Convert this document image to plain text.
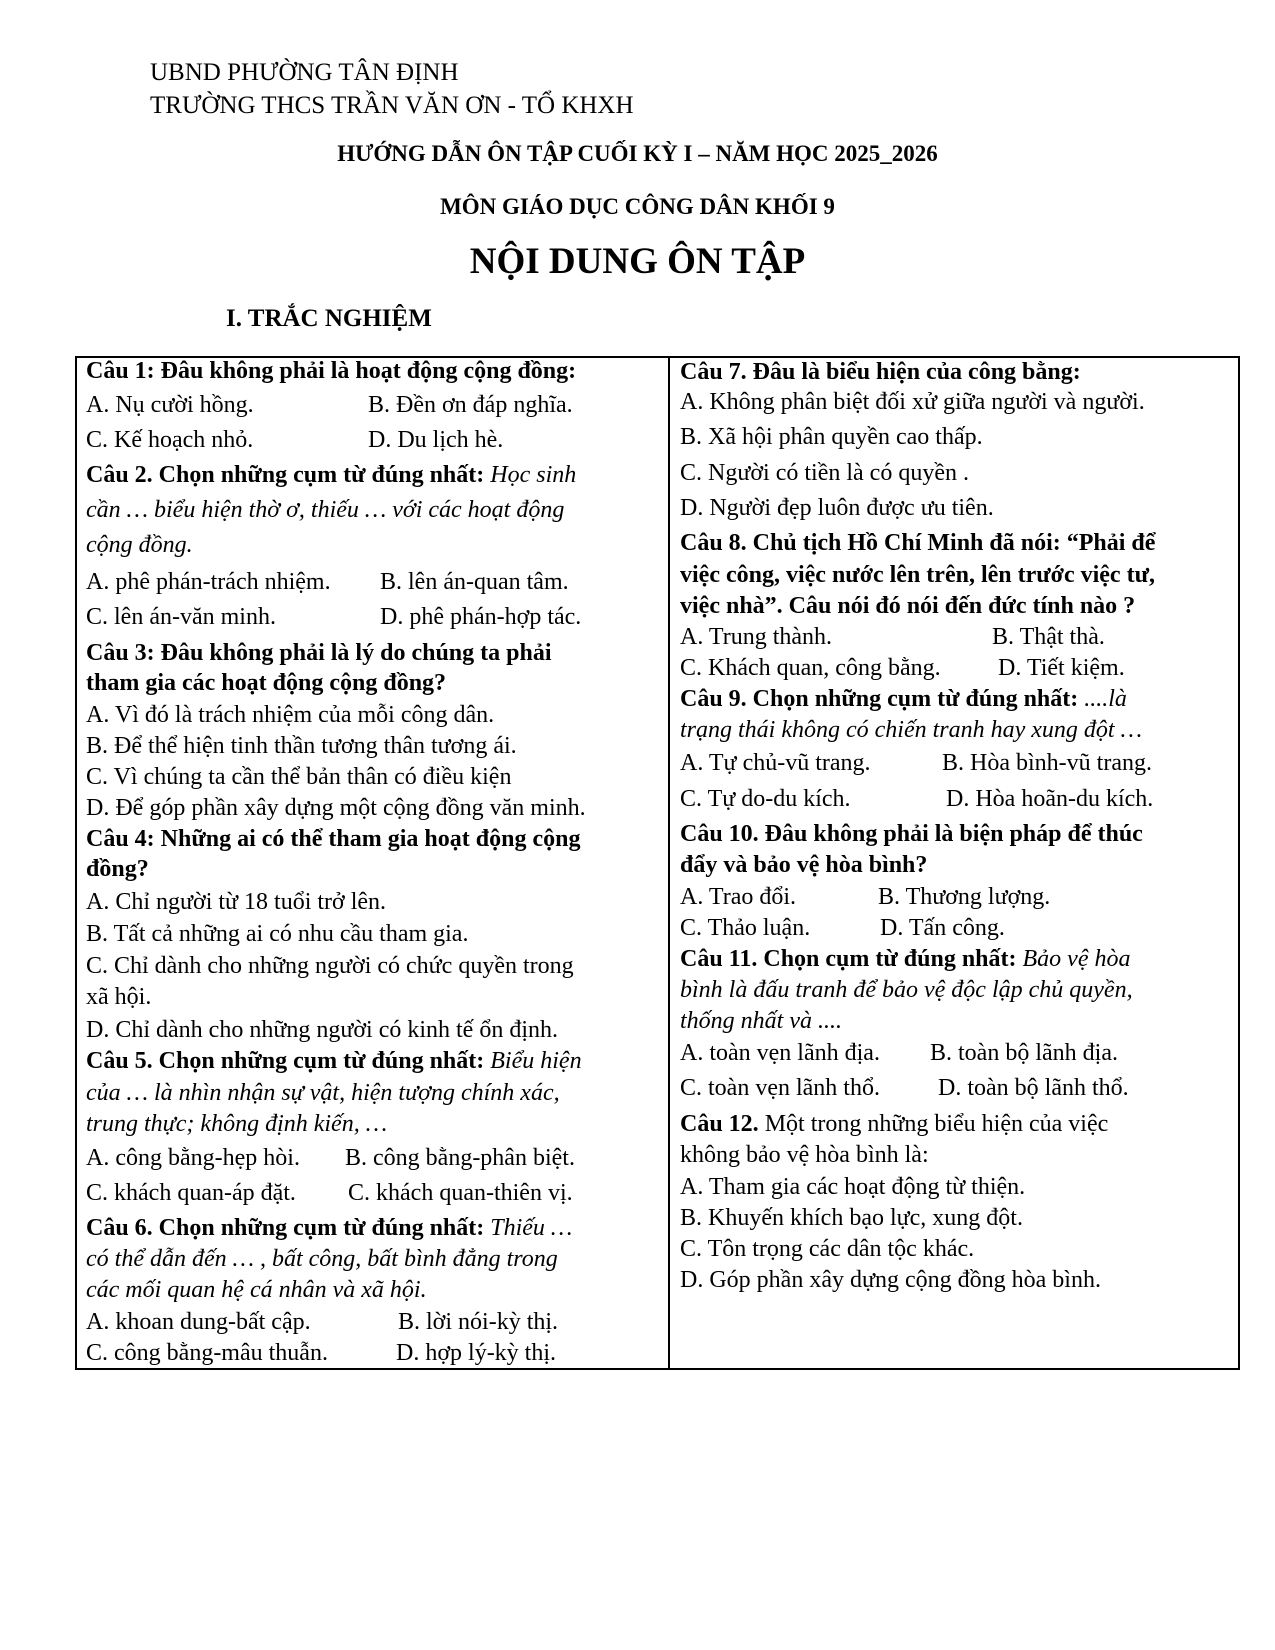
UBND PHƯỜNG TÂN ĐỊNH
TRƯỜNG THCS TRẦN VĂN ƠN - TỔ KHXH
HƯỚNG DẪN ÔN TẬP CUỐI KỲ I – NĂM HỌC 2025_2026
MÔN GIÁO DỤC CÔNG DÂN KHỐI 9
NỘI DUNG ÔN TẬP
I. TRẮC NGHIỆM
Câu 1: Đâu không phải là hoạt động cộng đồng:
A. Nụ cười hồng.	B. Đền ơn đáp nghĩa.
C. Kế hoạch nhỏ.	D. Du lịch hè.
Câu 2. Chọn những cụm từ đúng nhất: Học sinh
cần … biểu hiện thờ ơ, thiếu … với các hoạt động
cộng đồng.
A. phê phán-trách nhiệm. B. lên án-quan tâm.
C. lên án-văn minh.	D. phê phán-hợp tác.
Câu 3: Đâu không phải là lý do chúng ta phải
tham gia các hoạt động cộng đồng?
A. Vì đó là trách nhiệm của mỗi công dân.
B. Để thể hiện tinh thần tương thân tương ái.
C. Vì chúng ta cần thể bản thân có điều kiện
D. Để góp phần xây dựng một cộng đồng văn minh.
Câu 4: Những ai có thể tham gia hoạt động cộng
đồng?
A. Chỉ người từ 18 tuổi trở lên.
B. Tất cả những ai có nhu cầu tham gia.
C. Chỉ dành cho những người có chức quyền trong
xã hội.
D. Chỉ dành cho những người có kinh tế ổn định.
Câu 5. Chọn những cụm từ đúng nhất: Biểu hiện
của … là nhìn nhận sự vật, hiện tượng chính xác,
trung thực; không định kiến, …
A. công bằng-hẹp hòi. B. công bằng-phân biệt.
C. khách quan-áp đặt. C. khách quan-thiên vị.
Câu 6. Chọn những cụm từ đúng nhất: Thiếu …
có thể dẫn đến … , bất công, bất bình đẳng trong
các mối quan hệ cá nhân và xã hội.
A. khoan dung-bất cập.	B. lời nói-kỳ thị.
C. công bằng-mâu thuẫn.	D. hợp lý-kỳ thị.
Câu 7. Đâu là biểu hiện của công bằng:
A. Không phân biệt đối xử giữa người và người.
B. Xã hội phân quyền cao thấp.
C. Người có tiền là có quyền .
D. Người đẹp luôn được ưu tiên.
Câu 8. Chủ tịch Hồ Chí Minh đã nói: “Phải để
việc công, việc nước lên trên, lên trước việc tư,
việc nhà”. Câu nói đó nói đến đức tính nào ?
A. Trung thành.	B. Thật thà.
C. Khách quan, công bằng. D. Tiết kiệm.
Câu 9. Chọn những cụm từ đúng nhất: ....là
trạng thái không có chiến tranh hay xung đột …
A. Tự chủ-vũ trang.	B. Hòa bình-vũ trang.
C. Tự do-du kích.	D. Hòa hoãn-du kích.
Câu 10. Đâu không phải là biện pháp để thúc
đẩy và bảo vệ hòa bình?
A. Trao đổi.	B. Thương lượng.
C. Thảo luận.	D. Tấn công.
Câu 11. Chọn cụm từ đúng nhất: Bảo vệ hòa
bình là đấu tranh để bảo vệ độc lập chủ quyền,
thống nhất và ....
A. toàn vẹn lãnh địa. B. toàn bộ lãnh địa.
C. toàn vẹn lãnh thổ. D. toàn bộ lãnh thổ.
Câu 12. Một trong những biểu hiện của việc
không bảo vệ hòa bình là:
A. Tham gia các hoạt động từ thiện.
B. Khuyến khích bạo lực, xung đột.
C. Tôn trọng các dân tộc khác.
D. Góp phần xây dựng cộng đồng hòa bình.
